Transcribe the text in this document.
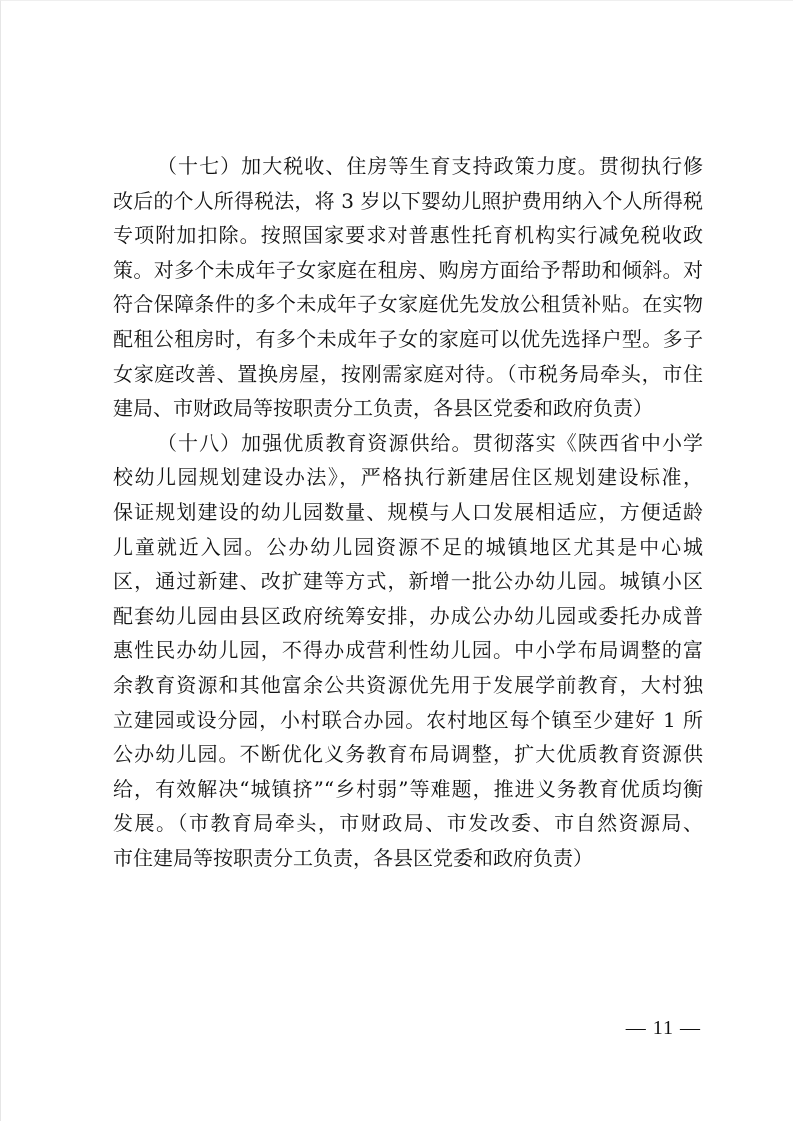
（十七）加大税收、住房等生育支持政策力度。贯彻执行修
改后的个人所得税法，将 3 岁以下婴幼儿照护费用纳入个人所得税
专项附加扣除。按照国家要求对普惠性托育机构实行减免税收政
策。对多个未成年子女家庭在租房、购房方面给予帮助和倾斜。对
符合保障条件的多个未成年子女家庭优先发放公租赁补贴。在实物
配租公租房时，有多个未成年子女的家庭可以优先选择户型。多子
女家庭改善、置换房屋，按刚需家庭对待。（市税务局牵头，市住
建局、市财政局等按职责分工负责，各县区党委和政府负责）
（十八）加强优质教育资源供给。贯彻落实《陕西省中小学
校幼儿园规划建设办法》，严格执行新建居住区规划建设标准，
保证规划建设的幼儿园数量、规模与人口发展相适应，方便适龄
儿童就近入园。公办幼儿园资源不足的城镇地区尤其是中心城
区，通过新建、改扩建等方式，新增一批公办幼儿园。城镇小区
配套幼儿园由县区政府统筹安排，办成公办幼儿园或委托办成普
惠性民办幼儿园，不得办成营利性幼儿园。中小学布局调整的富
余教育资源和其他富余公共资源优先用于发展学前教育，大村独
立建园或设分园，小村联合办园。农村地区每个镇至少建好 1 所
公办幼儿园。不断优化义务教育布局调整，扩大优质教育资源供
给，有效解决“城镇挤”“乡村弱”等难题，推进义务教育优质均衡
发展。（市教育局牵头，市财政局、市发改委、市自然资源局、
市住建局等按职责分工负责，各县区党委和政府负责）
— 11 —
